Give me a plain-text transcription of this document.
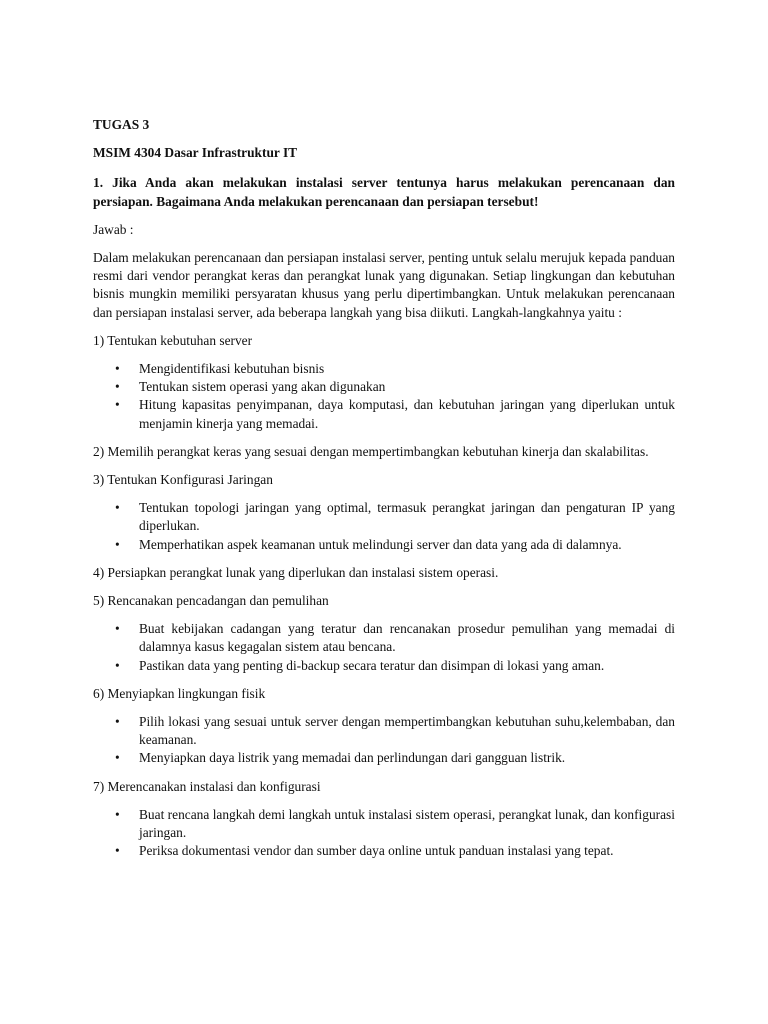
TUGAS 3

MSIM 4304 Dasar Infrastruktur IT

1. Jika Anda akan melakukan instalasi server tentunya harus melakukan perencanaan dan persiapan. Bagaimana Anda melakukan perencanaan dan persiapan tersebut!

Jawab :

Dalam melakukan perencanaan dan persiapan instalasi server, penting untuk selalu merujuk kepada panduan resmi dari vendor perangkat keras dan perangkat lunak yang digunakan. Setiap lingkungan dan kebutuhan bisnis mungkin memiliki persyaratan khusus yang perlu dipertimbangkan. Untuk melakukan perencanaan dan persiapan instalasi server, ada beberapa langkah yang bisa diikuti. Langkah-langkahnya yaitu :

1) Tentukan kebutuhan server

• Mengidentifikasi kebutuhan bisnis
• Tentukan sistem operasi yang akan digunakan
• Hitung kapasitas penyimpanan, daya komputasi, dan kebutuhan jaringan yang diperlukan untuk menjamin kinerja yang memadai.

2) Memilih perangkat keras yang sesuai dengan mempertimbangkan kebutuhan kinerja dan skalabilitas.

3) Tentukan Konfigurasi Jaringan

• Tentukan topologi jaringan yang optimal, termasuk perangkat jaringan dan pengaturan IP yang diperlukan.
• Memperhatikan aspek keamanan untuk melindungi server dan data yang ada di dalamnya.

4) Persiapkan perangkat lunak yang diperlukan dan instalasi sistem operasi.

5) Rencanakan pencadangan dan pemulihan

• Buat kebijakan cadangan yang teratur dan rencanakan prosedur pemulihan yang memadai di dalamnya kasus kegagalan sistem atau bencana.
• Pastikan data yang penting di-backup secara teratur dan disimpan di lokasi yang aman.

6) Menyiapkan lingkungan fisik

• Pilih lokasi yang sesuai untuk server dengan mempertimbangkan kebutuhan suhu,kelembaban, dan keamanan.
• Menyiapkan daya listrik yang memadai dan perlindungan dari gangguan listrik.

7) Merencanakan instalasi dan konfigurasi

• Buat rencana langkah demi langkah untuk instalasi sistem operasi, perangkat lunak, dan konfigurasi jaringan.
• Periksa dokumentasi vendor dan sumber daya online untuk panduan instalasi yang tepat.
